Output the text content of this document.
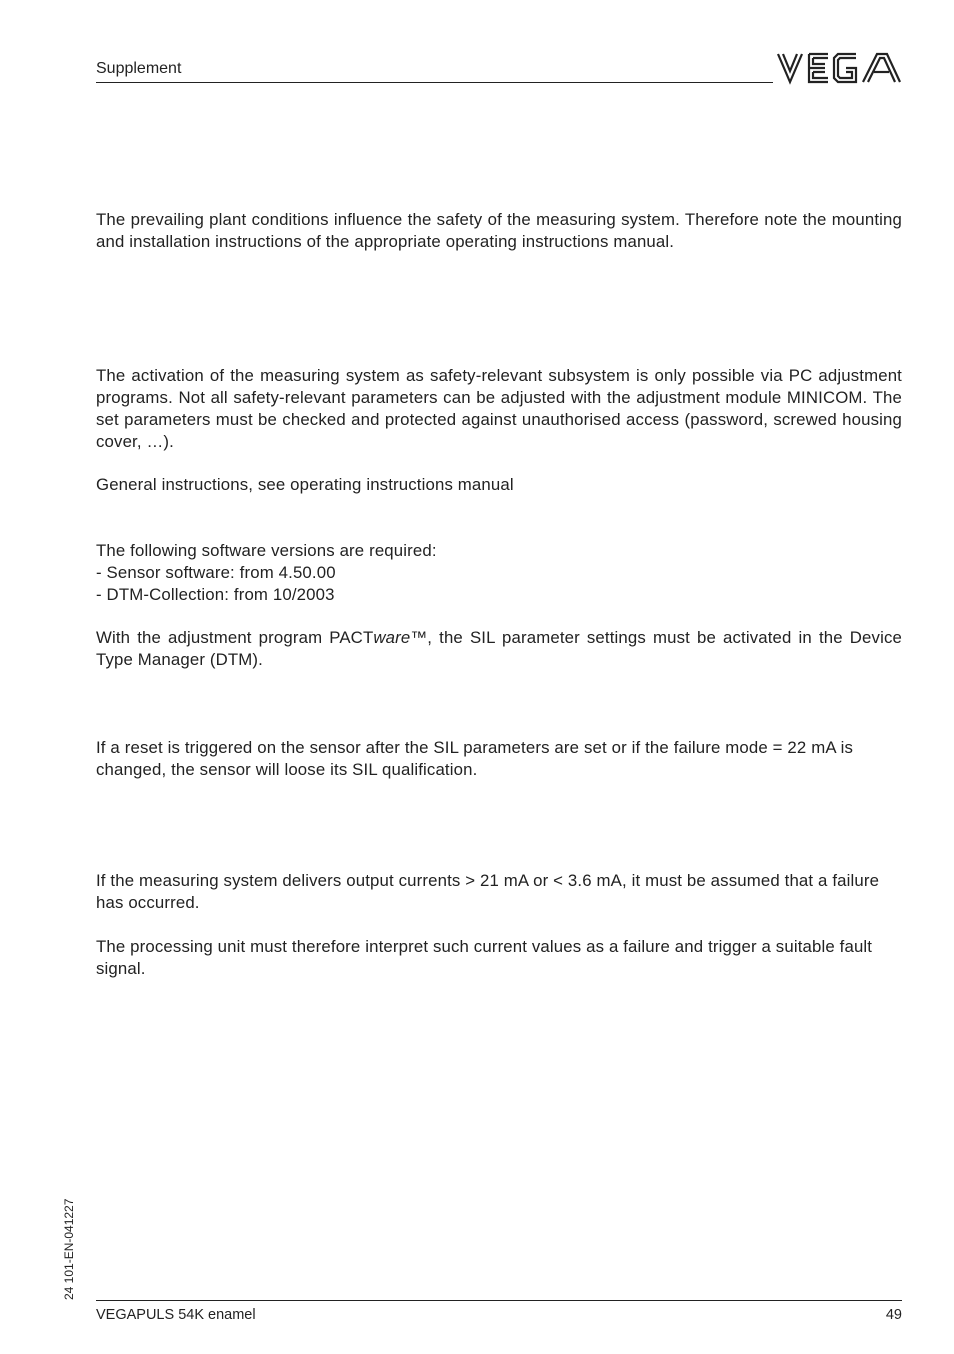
Supplement

The prevailing plant conditions influence the safety of the measuring system. Therefore note the mounting and installation instructions of the appropriate operating instructions manual.

The activation of the measuring system as safety-relevant subsystem is only possible via PC adjustment programs. Not all safety-relevant parameters can be adjusted with the adjustment module MINICOM. The set parameters must be checked and protected against unauthorised access (password, screwed housing cover, …).

General instructions, see operating instructions manual

The following software versions are required:
- Sensor software: from 4.50.00
- DTM-Collection: from 10/2003

With the adjustment program PACTware™, the SIL parameter settings must be activated in the Device Type Manager (DTM).

If a reset is triggered on the sensor after the SIL parameters are set or if the failure mode = 22 mA is changed, the sensor will loose its SIL qualification.

If the measuring system delivers output currents > 21 mA or < 3.6 mA, it must be assumed that a failure has occurred.

The processing unit must therefore interpret such current values as a failure and trigger a suitable fault signal.

24 101-EN-041227
VEGAPULS 54K enamel	49
